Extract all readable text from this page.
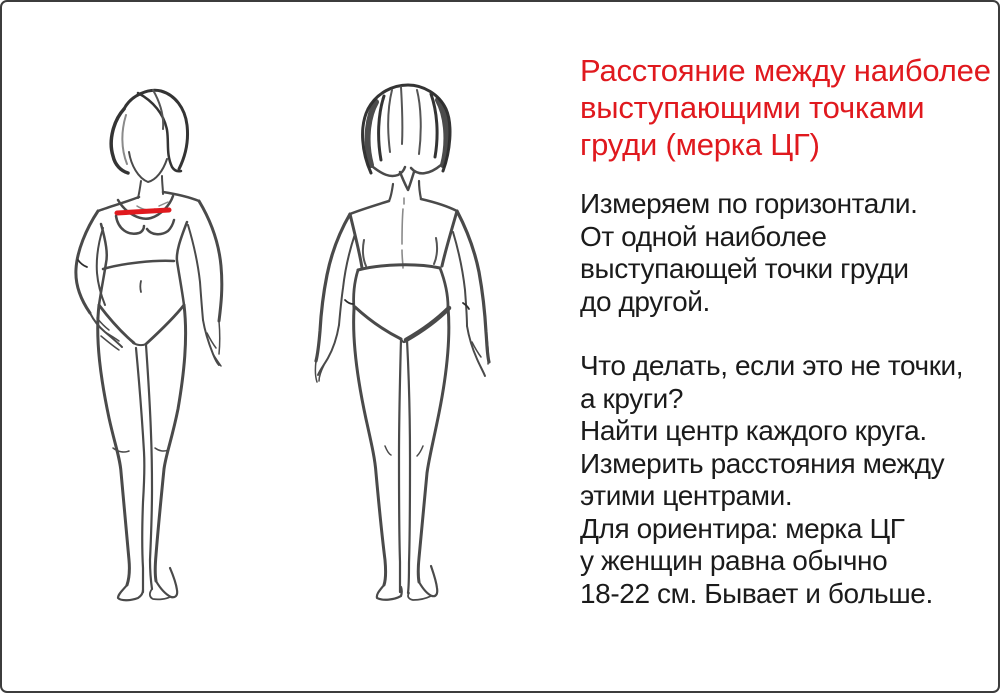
Расстояние между наиболее
выступающими точками
груди (мерка ЦГ)
Измеряем по горизонтали.
От одной наиболее
выступающей точки груди
до другой.
Что делать, если это не точки,
а круги?
Найти центр каждого круга.
Измерить расстояния между
этими центрами.
Для ориентира: мерка ЦГ
у женщин равна обычно
18-22 см. Бывает и больше.
